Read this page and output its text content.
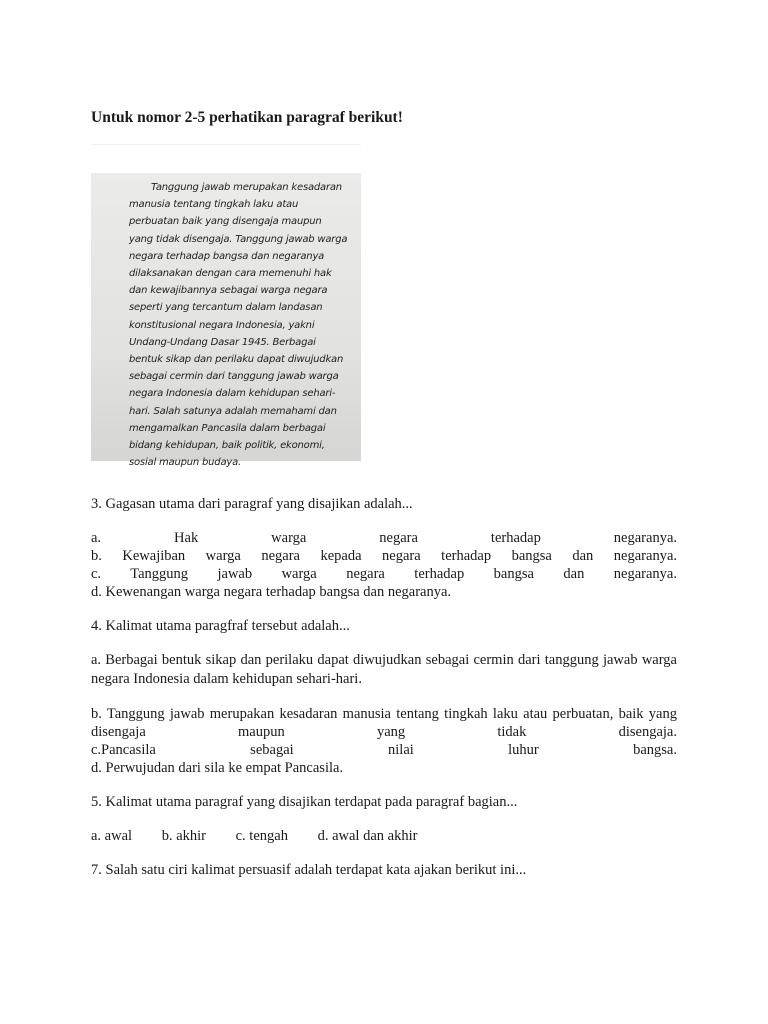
Untuk nomor 2-5 perhatikan paragraf berikut!

Tanggung jawab merupakan kesadaran
manusia tentang tingkah laku atau
perbuatan baik yang disengaja maupun
yang tidak disengaja. Tanggung jawab warga
negara terhadap bangsa dan negaranya
dilaksanakan dengan cara memenuhi hak
dan kewajibannya sebagai warga negara
seperti yang tercantum dalam landasan
konstitusional negara Indonesia, yakni
Undang-Undang Dasar 1945. Berbagai
bentuk sikap dan perilaku dapat diwujudkan
sebagai cermin dari tanggung jawab warga
negara Indonesia dalam kehidupan sehari-
hari. Salah satunya adalah memahami dan
mengamalkan Pancasila dalam berbagai
bidang kehidupan, baik politik, ekonomi,
sosial maupun budaya.

3. Gagasan utama dari paragraf yang disajikan adalah...

a. Hak warga negara terhadap negaranya.
b. Kewajiban warga negara kepada negara terhadap bangsa dan negaranya.
c. Tanggung jawab warga negara terhadap bangsa dan negaranya.
d. Kewenangan warga negara terhadap bangsa dan negaranya.

4. Kalimat utama paragfraf tersebut adalah...

a. Berbagai bentuk sikap dan perilaku dapat diwujudkan sebagai cermin dari tanggung jawab warga negara Indonesia dalam kehidupan sehari-hari.
b. Tanggung jawab merupakan kesadaran manusia tentang tingkah laku atau perbuatan, baik yang disengaja maupun yang tidak disengaja.
c.Pancasila sebagai nilai luhur bangsa.
d. Perwujudan dari sila ke empat Pancasila.

5. Kalimat utama paragraf yang disajikan terdapat pada paragraf bagian...

a. awal b. akhir c. tengah d. awal dan akhir

7. Salah satu ciri kalimat persuasif adalah terdapat kata ajakan berikut ini...
